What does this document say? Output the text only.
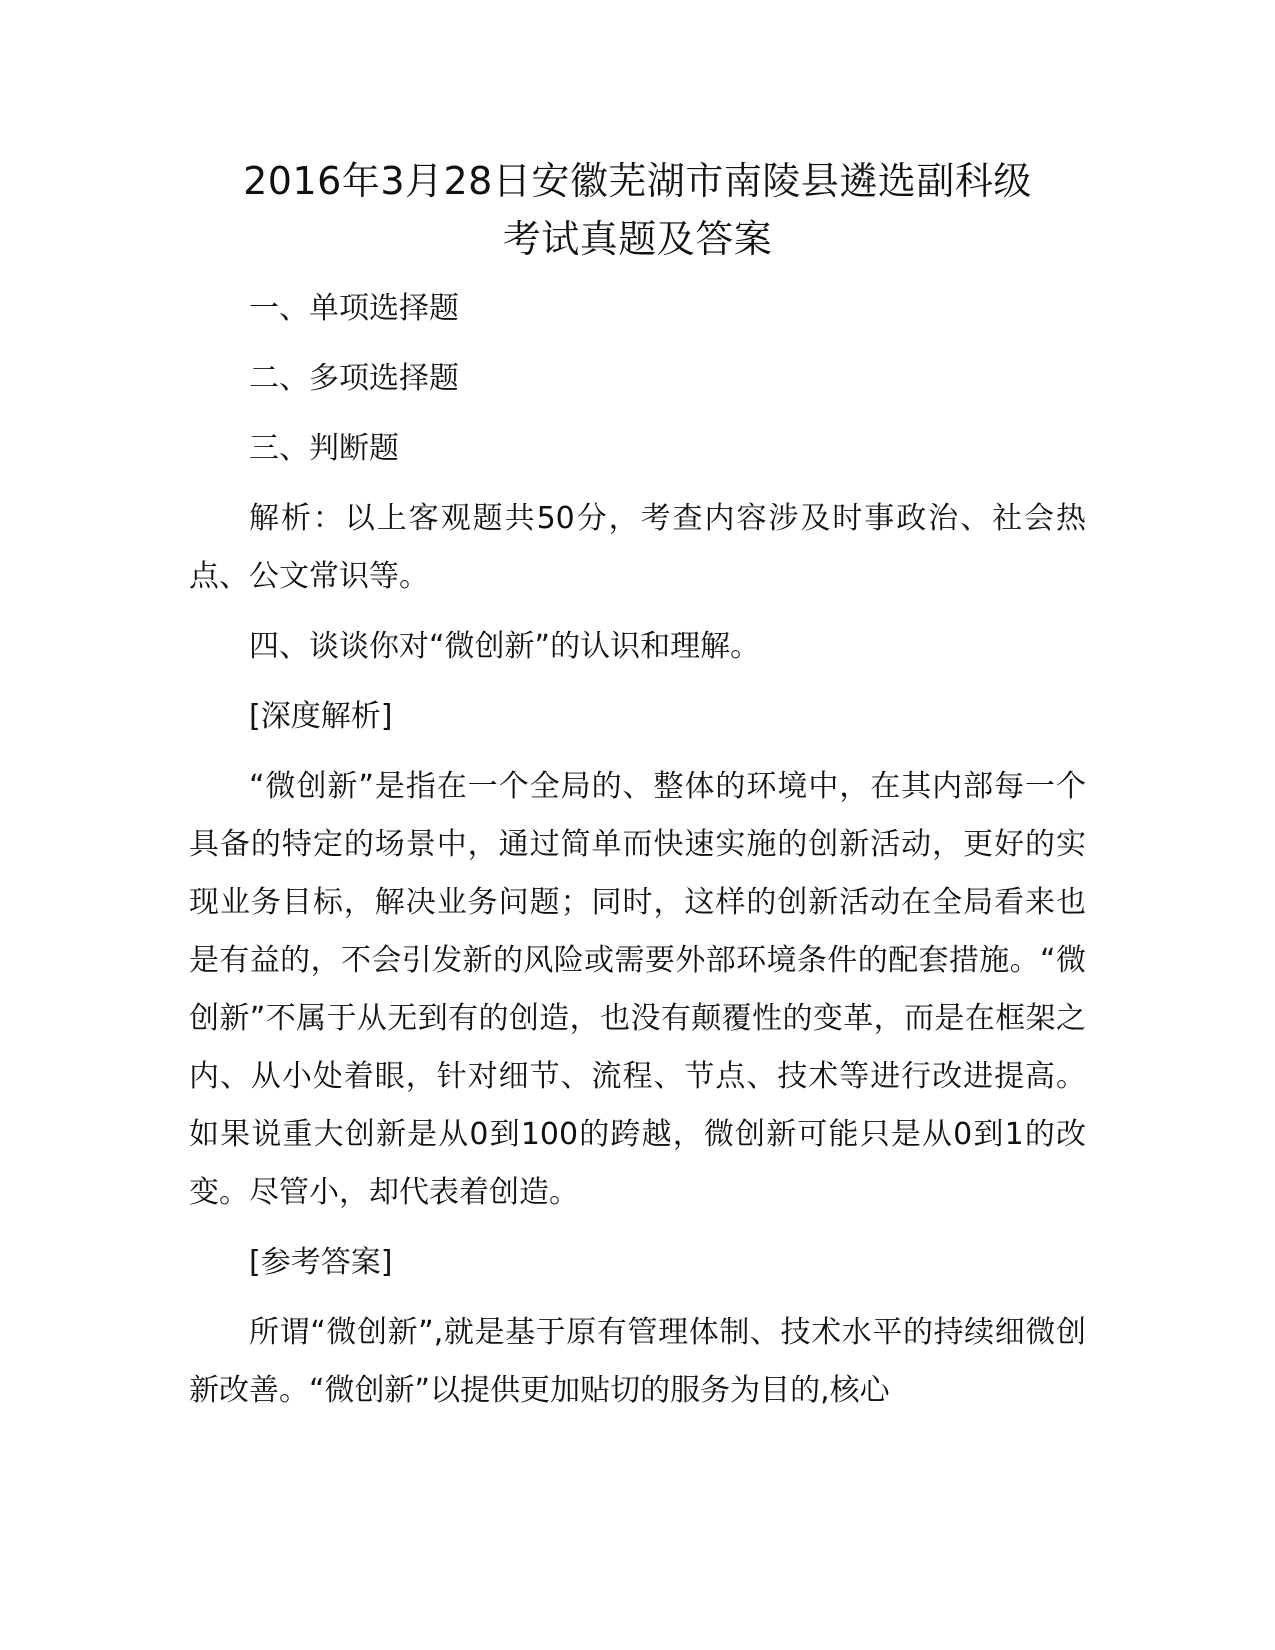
2016年3月28日安徽芜湖市南陵县遴选副科级
考试真题及答案

一、单项选择题

二、多项选择题

三、判断题

解析：以上客观题共50分，考查内容涉及时事政治、社会热点、公文常识等。

四、谈谈你对“微创新”的认识和理解。

[深度解析]

“微创新”是指在一个全局的、整体的环境中，在其内部每一个具备的特定的场景中，通过简单而快速实施的创新活动，更好的实现业务目标，解决业务问题；同时，这样的创新活动在全局看来也是有益的，不会引发新的风险或需要外部环境条件的配套措施。“微创新”不属于从无到有的创造，也没有颠覆性的变革，而是在框架之内、从小处着眼，针对细节、流程、节点、技术等进行改进提高。如果说重大创新是从0到100的跨越，微创新可能只是从0到1的改变。尽管小，却代表着创造。

[参考答案]

所谓“微创新”,就是基于原有管理体制、技术水平的持续细微创新改善。“微创新”以提供更加贴切的服务为目的,核心
